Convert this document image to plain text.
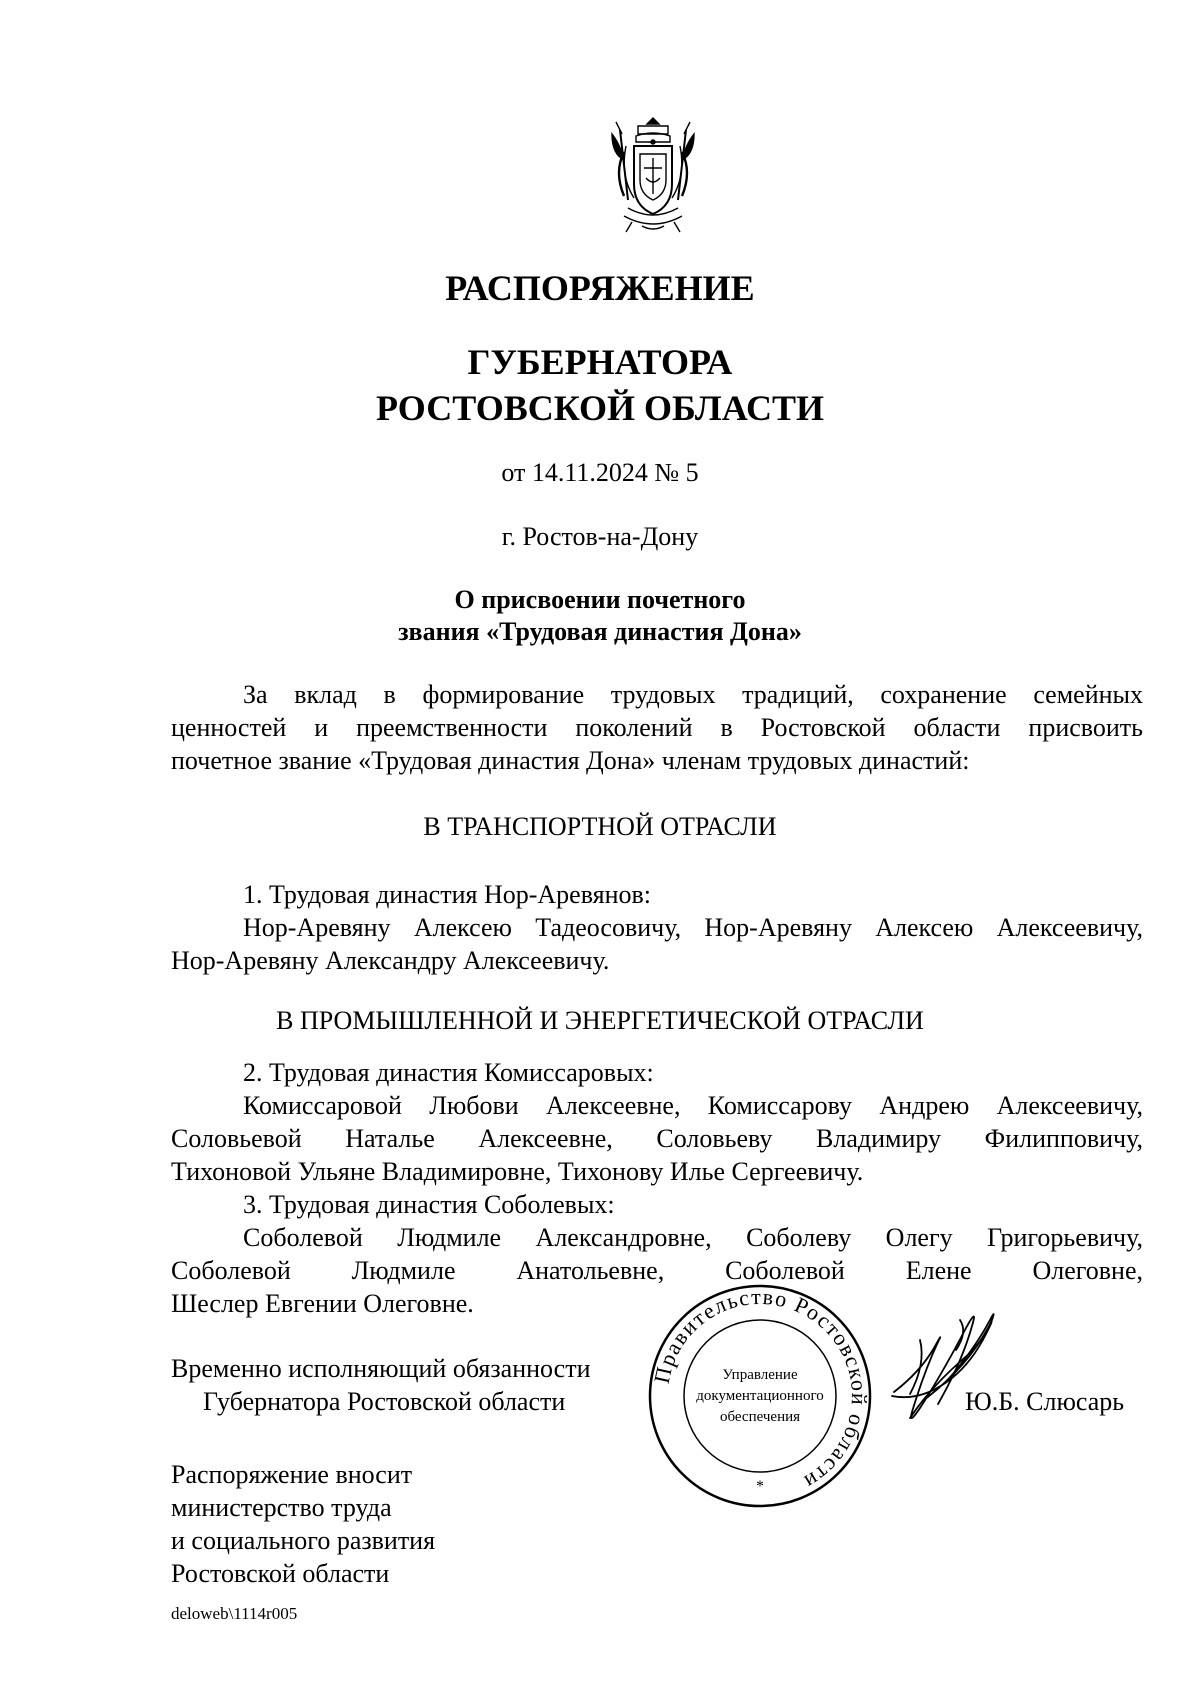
РАСПОРЯЖЕНИЕ
ГУБЕРНАТОРА
РОСТОВСКОЙ ОБЛАСТИ
от 14.11.2024 № 5
г. Ростов-на-Дону
О присвоении почетного
звания «Трудовая династия Дона»
За вклад в формирование трудовых традиций, сохранение семейных
ценностей и преемственности поколений в Ростовской области присвоить
почетное звание «Трудовая династия Дона» членам трудовых династий:
В ТРАНСПОРТНОЙ ОТРАСЛИ
1. Трудовая династия Нор-Аревянов:
Нор-Аревяну Алексею Тадеосовичу, Нор-Аревяну Алексею Алексеевичу,
Нор-Аревяну Александру Алексеевичу.
В ПРОМЫШЛЕННОЙ И ЭНЕРГЕТИЧЕСКОЙ ОТРАСЛИ
2. Трудовая династия Комиссаровых:
Комиссаровой Любови Алексеевне, Комиссарову Андрею Алексеевичу,
Соловьевой Наталье Алексеевне, Соловьеву Владимиру Филипповичу,
Тихоновой Ульяне Владимировне, Тихонову Илье Сергеевичу.
3. Трудовая династия Соболевых:
Соболевой Людмиле Александровне, Соболеву Олегу Григорьевичу,
Соболевой Людмиле Анатольевне, Соболевой Елене Олеговне,
Шеслер Евгении Олеговне.
Временно исполняющий обязанности
Губернатора Ростовской области	Ю.Б. Слюсарь
Правительство Ростовской области
Управление
документационного
обеспечения
*
Распоряжение вносит
министерство труда
и социального развития
Ростовской области
deloweb\1114r005
